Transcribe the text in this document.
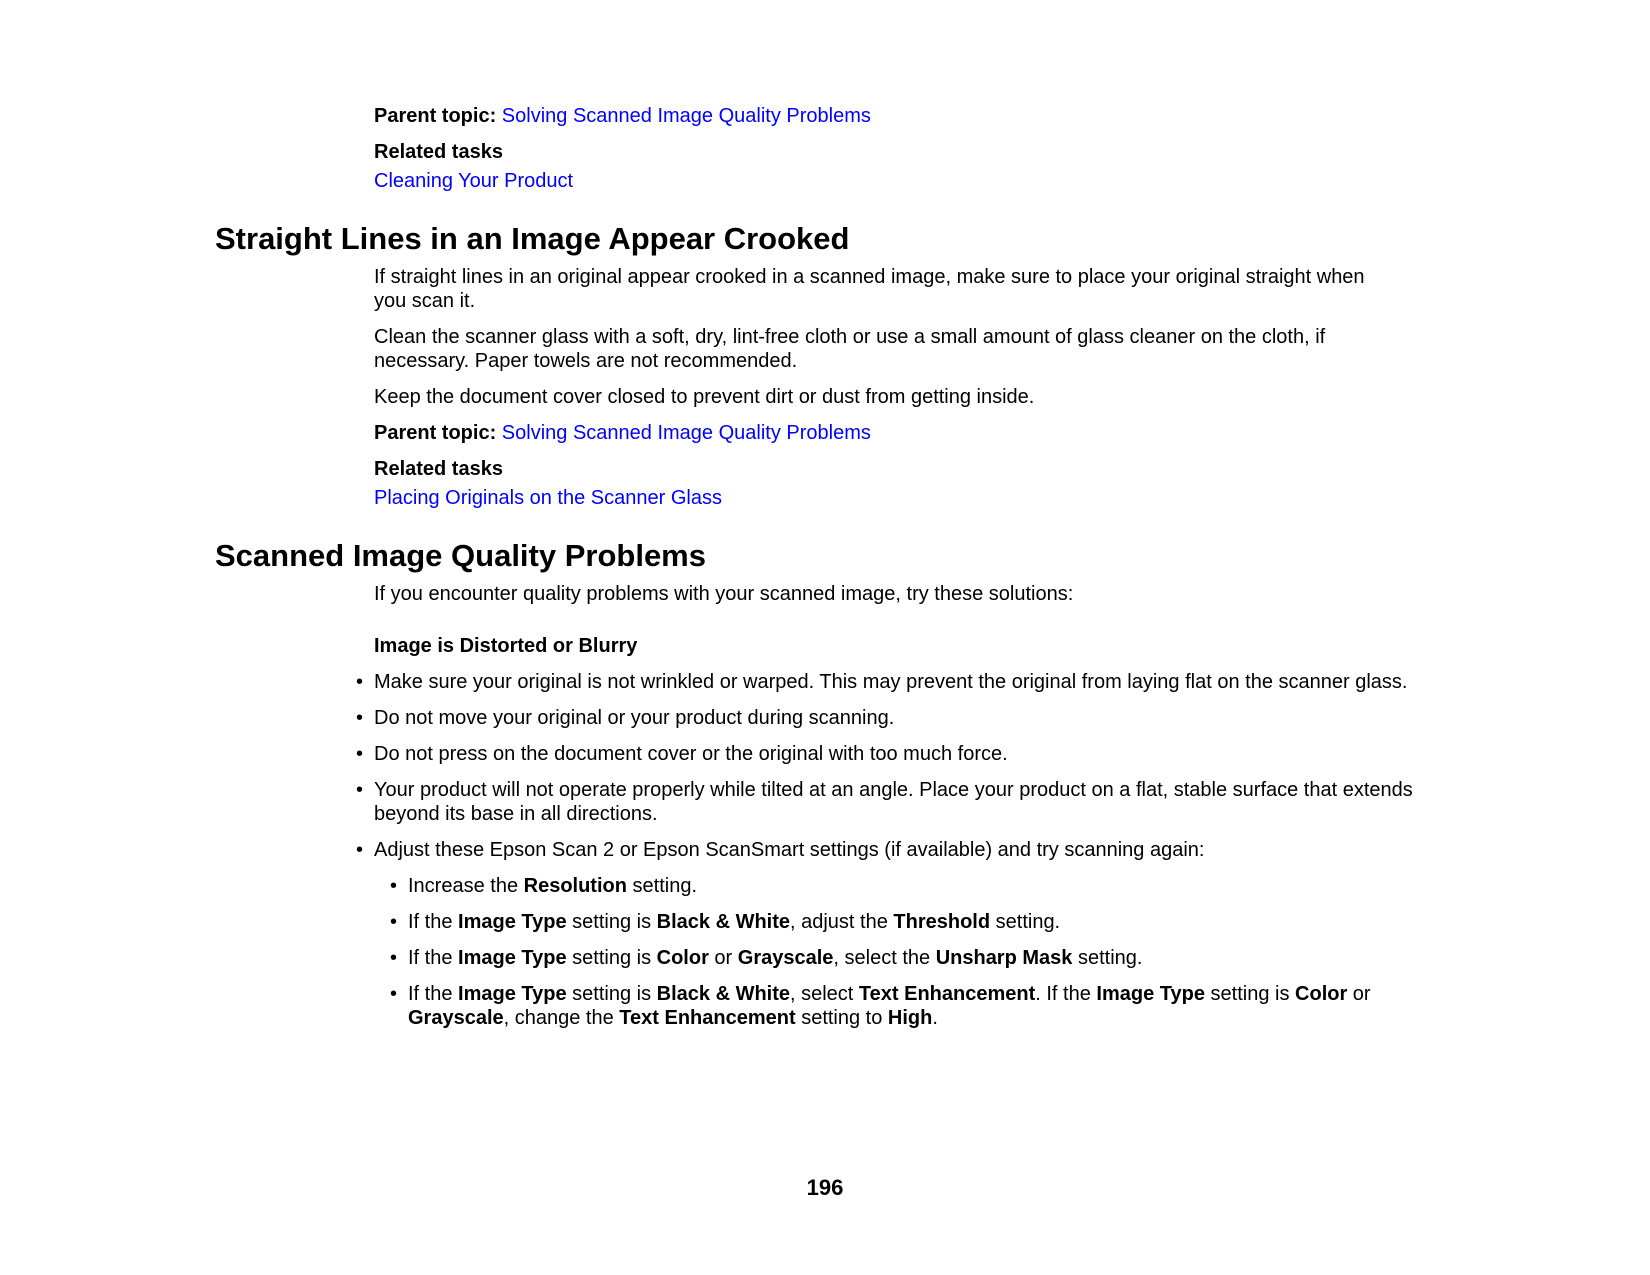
Parent topic: Solving Scanned Image Quality Problems

Related tasks

Cleaning Your Product

Straight Lines in an Image Appear Crooked

If straight lines in an original appear crooked in a scanned image, make sure to place your original straight when you scan it.

Clean the scanner glass with a soft, dry, lint-free cloth or use a small amount of glass cleaner on the cloth, if necessary. Paper towels are not recommended.

Keep the document cover closed to prevent dirt or dust from getting inside.

Parent topic: Solving Scanned Image Quality Problems

Related tasks

Placing Originals on the Scanner Glass

Scanned Image Quality Problems

If you encounter quality problems with your scanned image, try these solutions:

Image is Distorted or Blurry

• Make sure your original is not wrinkled or warped. This may prevent the original from laying flat on the scanner glass.
• Do not move your original or your product during scanning.
• Do not press on the document cover or the original with too much force.
• Your product will not operate properly while tilted at an angle. Place your product on a flat, stable surface that extends beyond its base in all directions.
• Adjust these Epson Scan 2 or Epson ScanSmart settings (if available) and try scanning again:
• Increase the Resolution setting.
• If the Image Type setting is Black & White, adjust the Threshold setting.
• If the Image Type setting is Color or Grayscale, select the Unsharp Mask setting.
• If the Image Type setting is Black & White, select Text Enhancement. If the Image Type setting is Color or Grayscale, change the Text Enhancement setting to High.
196
